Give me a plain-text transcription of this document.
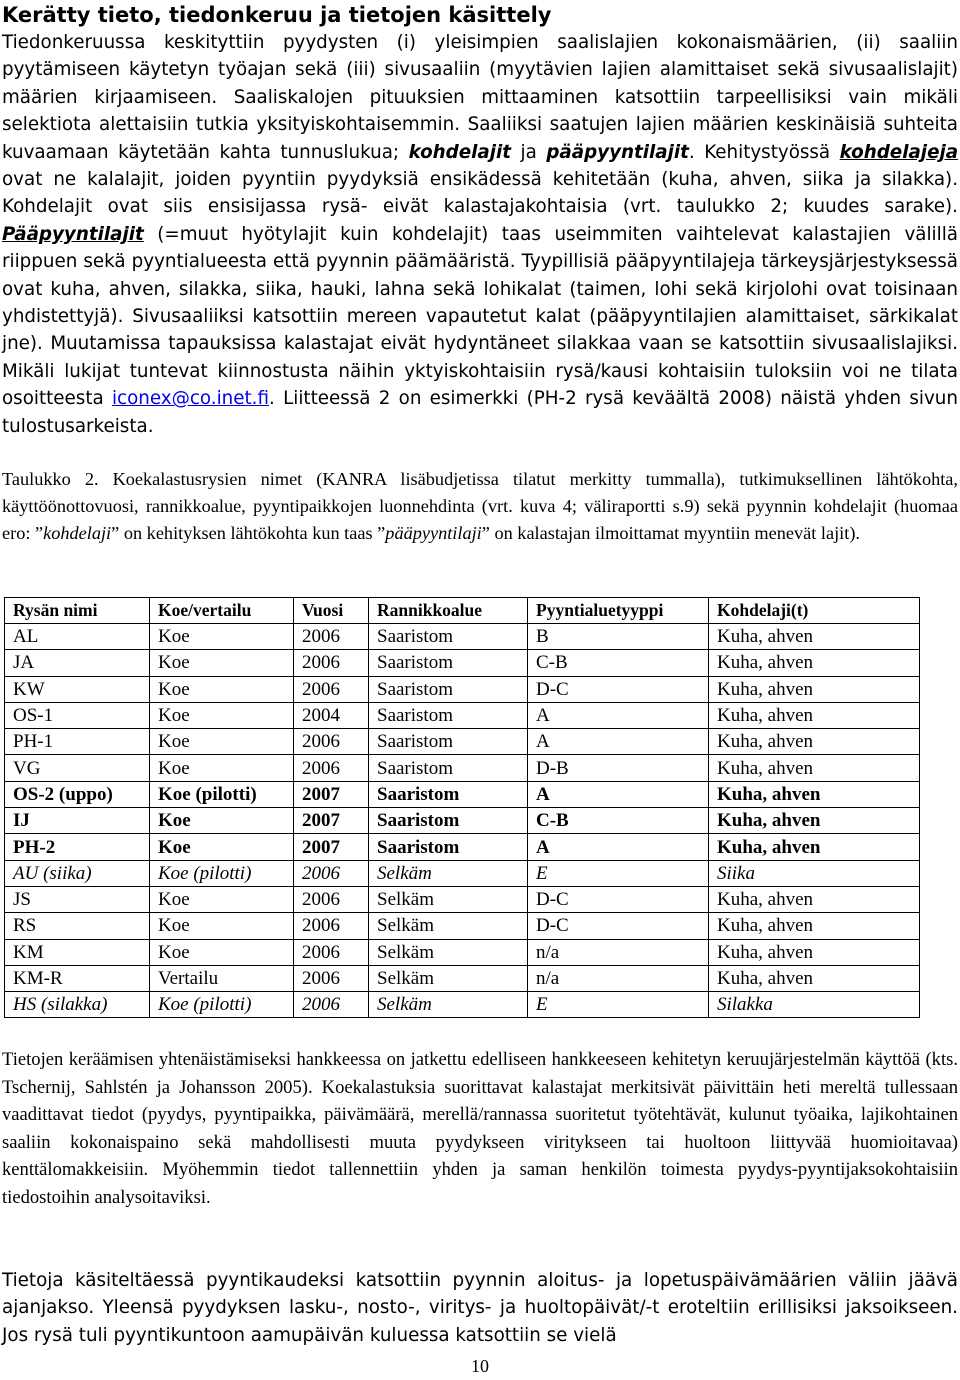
Kerätty tieto, tiedonkeruu ja tietojen käsittely

Tiedonkeruussa keskityttiin pyydysten (i) yleisimpien saalislajien kokonaismäärien, (ii) saaliin pyytämiseen käytetyn työajan sekä (iii) sivusaaliin (myytävien lajien alamittaiset sekä sivusaalislajit) määrien kirjaamiseen. Saaliskalojen pituuksien mittaaminen katsottiin tarpeellisiksi vain mikäli selektiota alettaisiin tutkia yksityiskohtaisemmin. Saaliiksi saatujen lajien määrien keskinäisiä suhteita kuvaamaan käytetään kahta tunnuslukua; kohdelajit ja pääpyyntilajit. Kehitystyössä kohdelajeja ovat ne kalalajit, joiden pyyntiin pyydyksiä ensikädessä kehitetään (kuha, ahven, siika ja silakka). Kohdelajit ovat siis ensisijassa rysä- eivät kalastajakohtaisia (vrt. taulukko 2; kuudes sarake). Pääpyyntilajit (=muut hyötylajit kuin kohdelajit) taas useimmiten vaihtelevat kalastajien välillä riippuen sekä pyyntialueesta että pyynnin päämääristä. Tyypillisiä pääpyyntilajeja tärkeysjärjestyksessä ovat kuha, ahven, silakka, siika, hauki, lahna sekä lohikalat (taimen, lohi sekä kirjolohi ovat toisinaan yhdistettyjä). Sivusaaliiksi katsottiin mereen vapautetut kalat (pääpyyntilajien alamittaiset, särkikalat jne). Muutamissa tapauksissa kalastajat eivät hydyntäneet silakkaa vaan se katsottiin sivusaalislajiksi. Mikäli lukijat tuntevat kiinnostusta näihin yktyiskohtaisiin rysä/kausi kohtaisiin tuloksiin voi ne tilata osoitteesta iconex@co.inet.fi. Liitteessä 2 on esimerkki (PH-2 rysä keväältä 2008) näistä yhden sivun tulostusarkeista.

Taulukko 2. Koekalastusrysien nimet (KANRA lisäbudjetissa tilatut merkitty tummalla), tutkimuksellinen lähtökohta, käyttöönottovuosi, rannikkoalue, pyyntipaikkojen luonnehdinta (vrt. kuva 4; väliraportti s.9) sekä pyynnin kohdelajit (huomaa ero: ”kohdelaji” on kehityksen lähtökohta kun taas ”pääpyyntilaji” on kalastajan ilmoittamat myyntiin menevät lajit).

Rysän nimi	Koe/vertailu	Vuosi	Rannikkoalue	Pyyntialuetyyppi	Kohdelaji(t)
AL	Koe	2006	Saaristom	B	Kuha, ahven
JA	Koe	2006	Saaristom	C-B	Kuha, ahven
KW	Koe	2006	Saaristom	D-C	Kuha, ahven
OS-1	Koe	2004	Saaristom	A	Kuha, ahven
PH-1	Koe	2006	Saaristom	A	Kuha, ahven
VG	Koe	2006	Saaristom	D-B	Kuha, ahven
OS-2 (uppo)	Koe (pilotti)	2007	Saaristom	A	Kuha, ahven
IJ	Koe	2007	Saaristom	C-B	Kuha, ahven
PH-2	Koe	2007	Saaristom	A	Kuha, ahven
AU (siika)	Koe (pilotti)	2006	Selkäm	E	Siika
JS	Koe	2006	Selkäm	D-C	Kuha, ahven
RS	Koe	2006	Selkäm	D-C	Kuha, ahven
KM	Koe	2006	Selkäm	n/a	Kuha, ahven
KM-R	Vertailu	2006	Selkäm	n/a	Kuha, ahven
HS (silakka)	Koe (pilotti)	2006	Selkäm	E	Silakka

Tietojen keräämisen yhtenäistämiseksi hankkeessa on jatkettu edelliseen hankkeeseen kehitetyn keruujärjestelmän käyttöä (kts. Tschernij, Sahlstén ja Johansson 2005). Koekalastuksia suorittavat kalastajat merkitsivät päivittäin heti mereltä tullessaan vaadittavat tiedot (pyydys, pyyntipaikka, päivämäärä, merellä/rannassa suoritetut työtehtävät, kulunut työaika, lajikohtainen saaliin kokonaispaino sekä mahdollisesti muuta pyydykseen viritykseen tai huoltoon liittyvää huomioitavaa) kenttälomakkeisiin. Myöhemmin tiedot tallennettiin yhden ja saman henkilön toimesta pyydys-pyyntijaksokohtaisiin tiedostoihin analysoitaviksi.

Tietoja käsiteltäessä pyyntikaudeksi katsottiin pyynnin aloitus- ja lopetuspäivämäärien väliin jäävä ajanjakso. Yleensä pyydyksen lasku-, nosto-, viritys- ja huoltopäivät/-t eroteltiin erillisiksi jaksoikseen. Jos rysä tuli pyyntikuntoon aamupäivän kuluessa katsottiin se vielä

10
